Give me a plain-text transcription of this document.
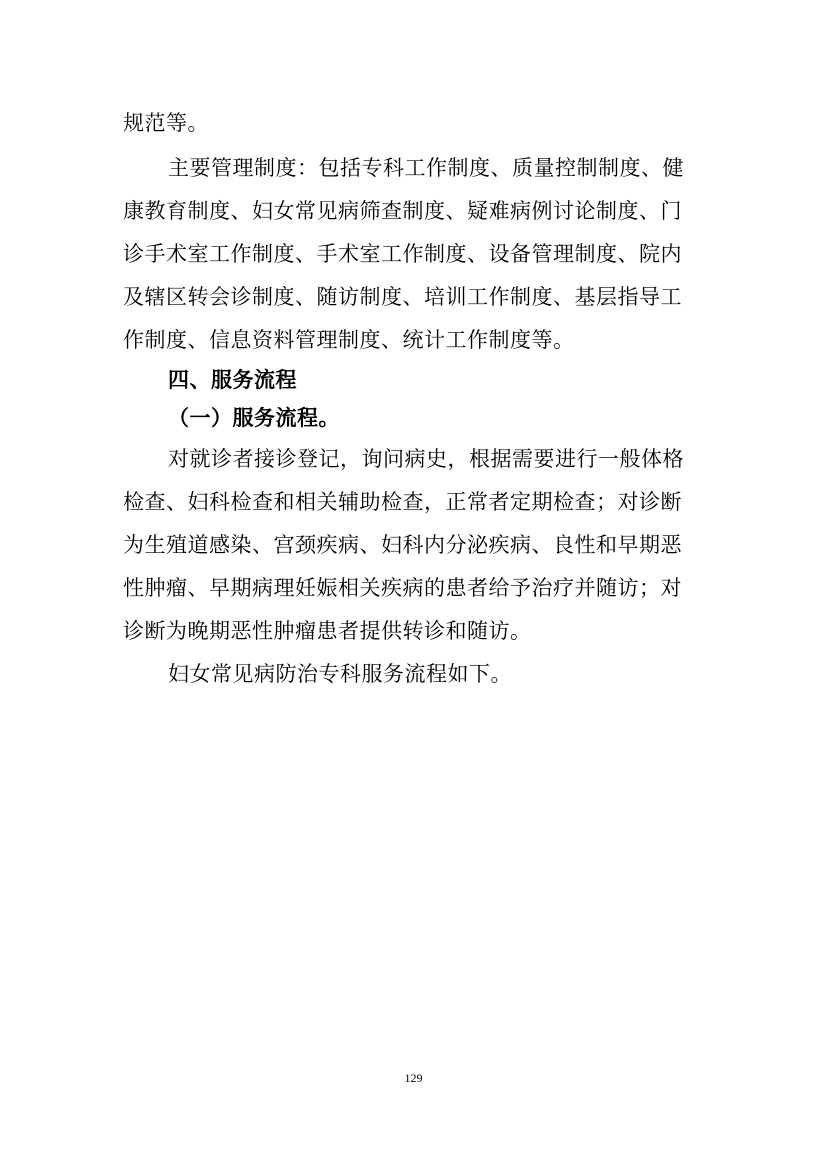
规范等。
主要管理制度：包括专科工作制度、质量控制制度、健
康教育制度、妇女常见病筛查制度、疑难病例讨论制度、门
诊手术室工作制度、手术室工作制度、设备管理制度、院内
及辖区转会诊制度、随访制度、培训工作制度、基层指导工
作制度、信息资料管理制度、统计工作制度等。
四、服务流程
（一）服务流程。
对就诊者接诊登记，询问病史，根据需要进行一般体格
检查、妇科检查和相关辅助检查，正常者定期检查；对诊断
为生殖道感染、宫颈疾病、妇科内分泌疾病、良性和早期恶
性肿瘤、早期病理妊娠相关疾病的患者给予治疗并随访；对
诊断为晚期恶性肿瘤患者提供转诊和随访。
妇女常见病防治专科服务流程如下。
129
